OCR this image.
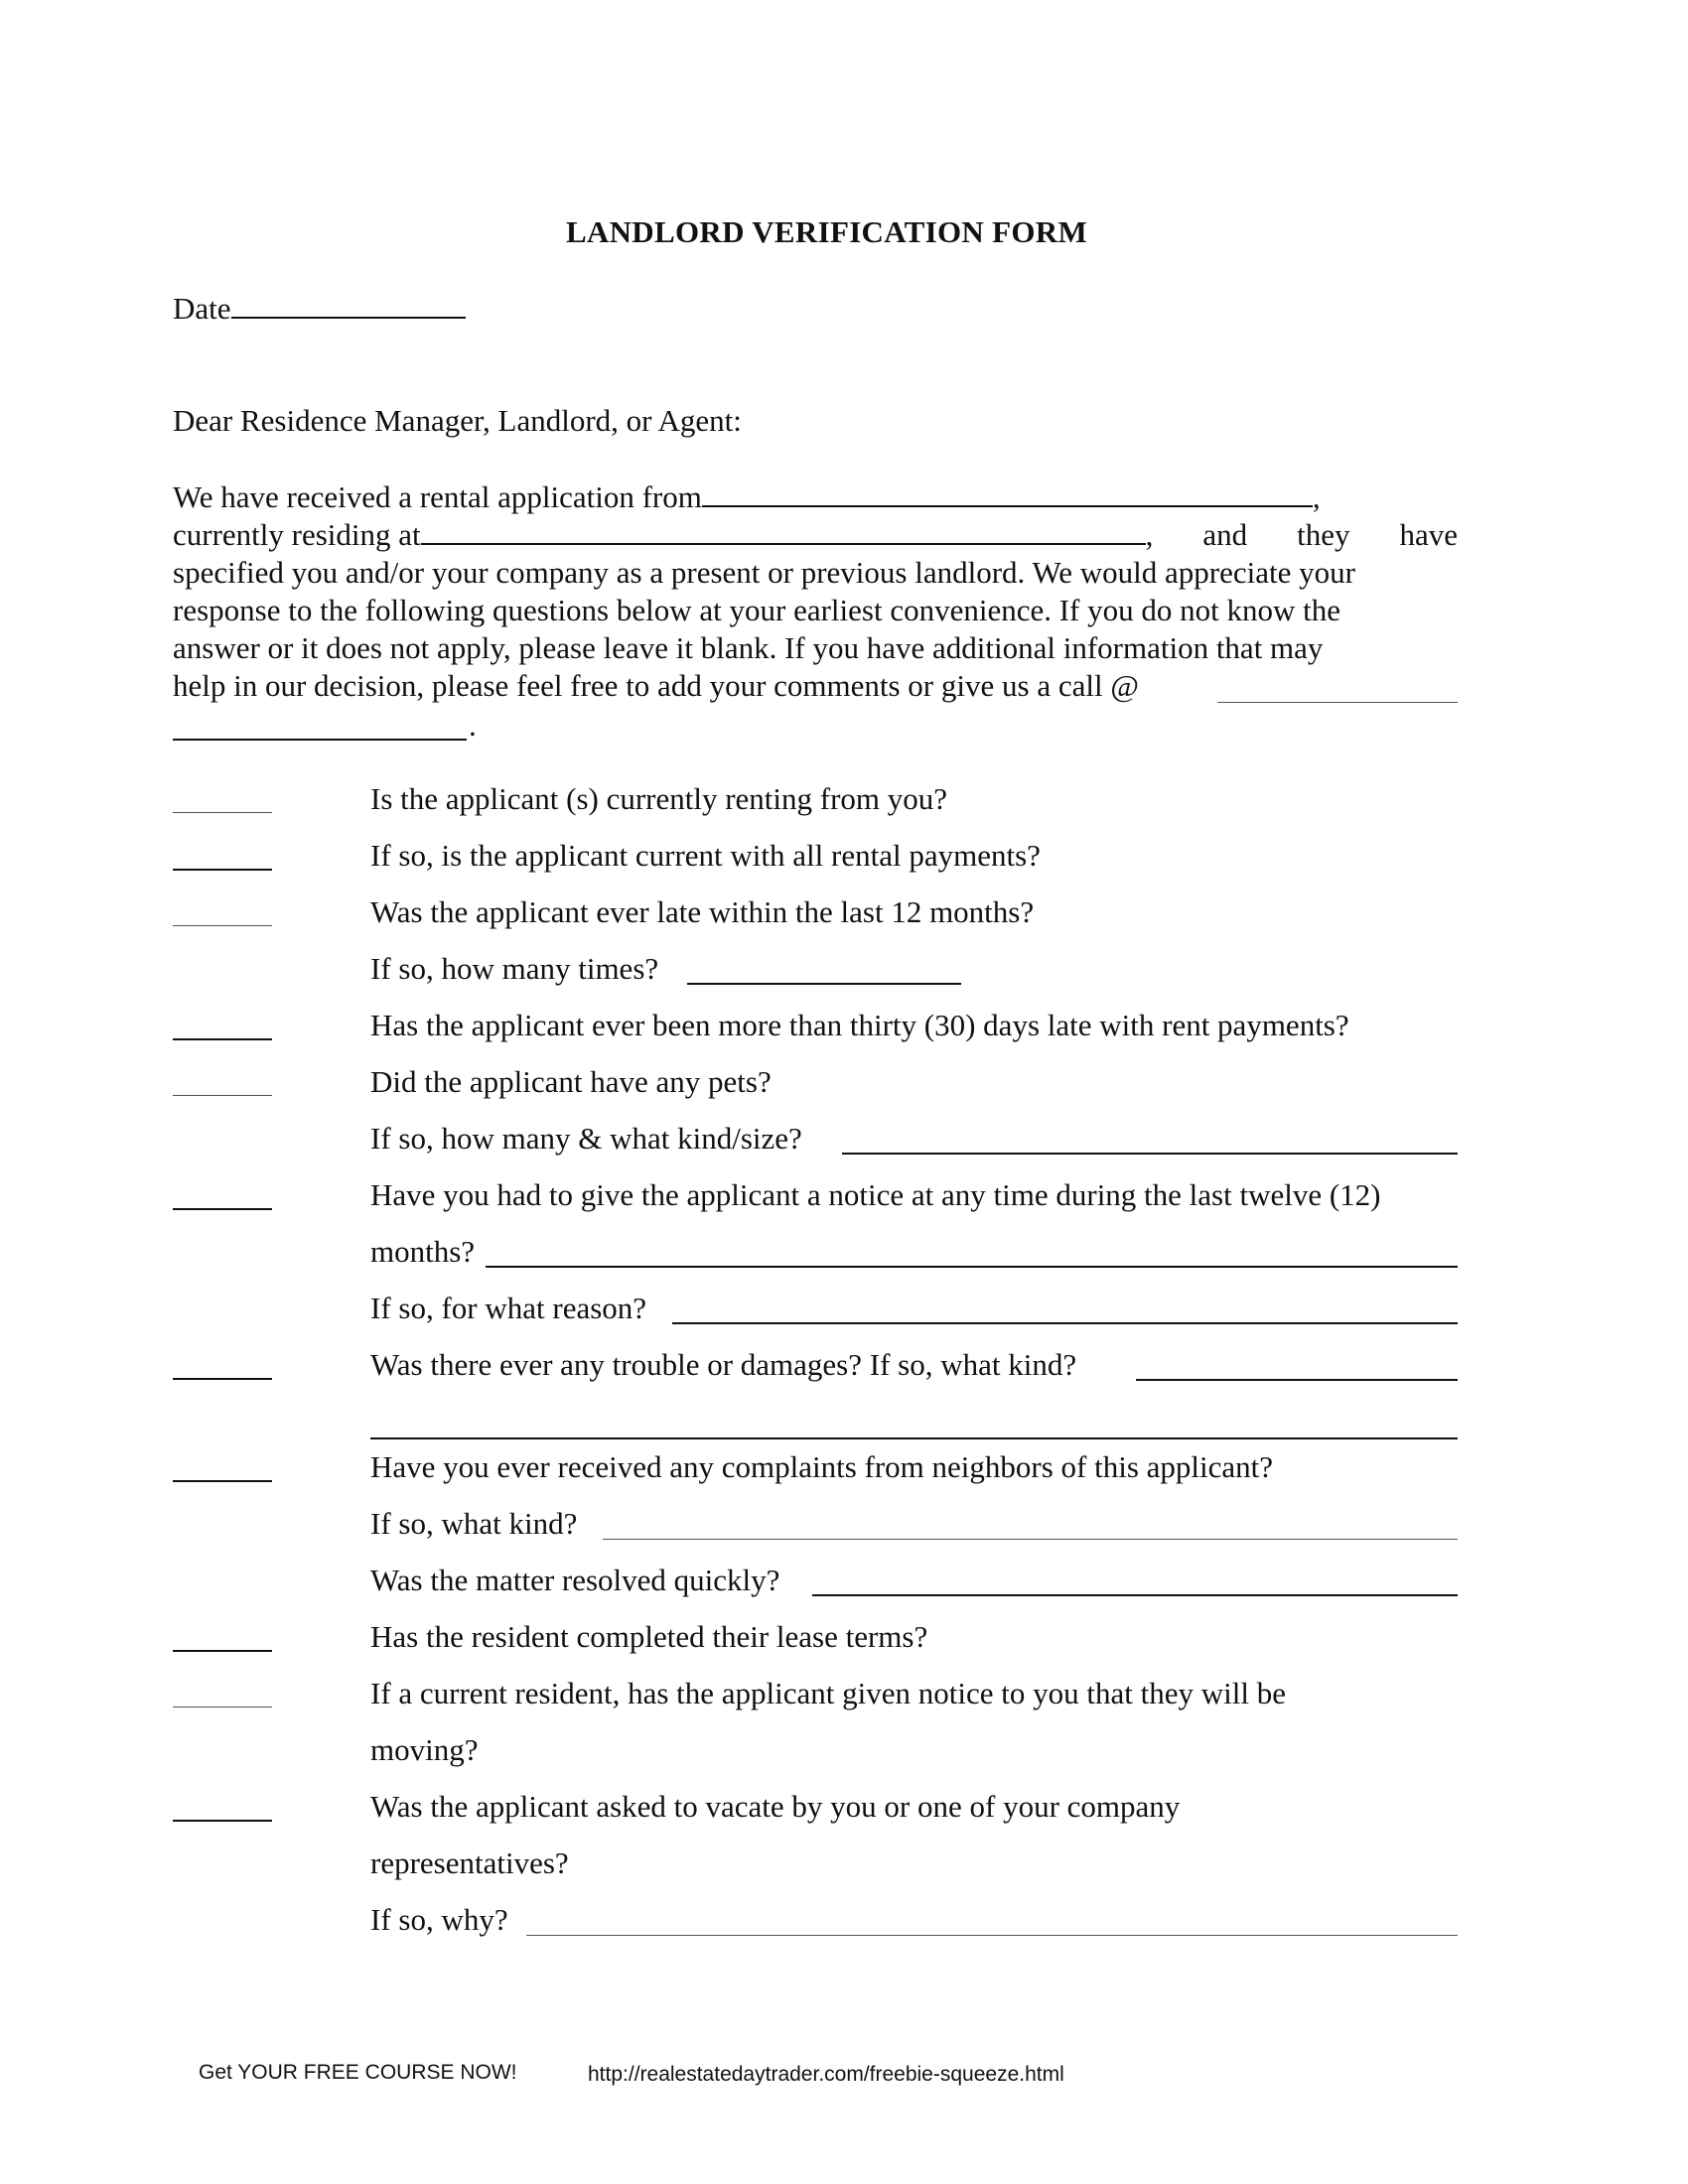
LANDLORD VERIFICATION FORM
Date
Dear Residence Manager, Landlord, or Agent:
We have received a rental application from	,
currently residing at	, and they have
specified you and/or your company as a present or previous landlord. We would appreciate your
response to the following questions below at your earliest convenience. If you do not know the
answer or it does not apply, please leave it blank. If you have additional information that may
help in our decision, please feel free to add your comments or give us a call @
.
Is the applicant (s) currently renting from you?
If so, is the applicant current with all rental payments?
Was the applicant ever late within the last 12 months?
If so, how many times?
Has the applicant ever been more than thirty (30) days late with rent payments?
Did the applicant have any pets?
If so, how many & what kind/size?
Have you had to give the applicant a notice at any time during the last twelve (12)
months?
If so, for what reason?
Was there ever any trouble or damages? If so, what kind?
Have you ever received any complaints from neighbors of this applicant?
If so, what kind?
Was the matter resolved quickly?
Has the resident completed their lease terms?
If a current resident, has the applicant given notice to you that they will be
moving?
Was the applicant asked to vacate by you or one of your company
representatives?
If so, why?
Get YOUR FREE COURSE NOW!	http://realestatedaytrader.com/freebie-squeeze.html
